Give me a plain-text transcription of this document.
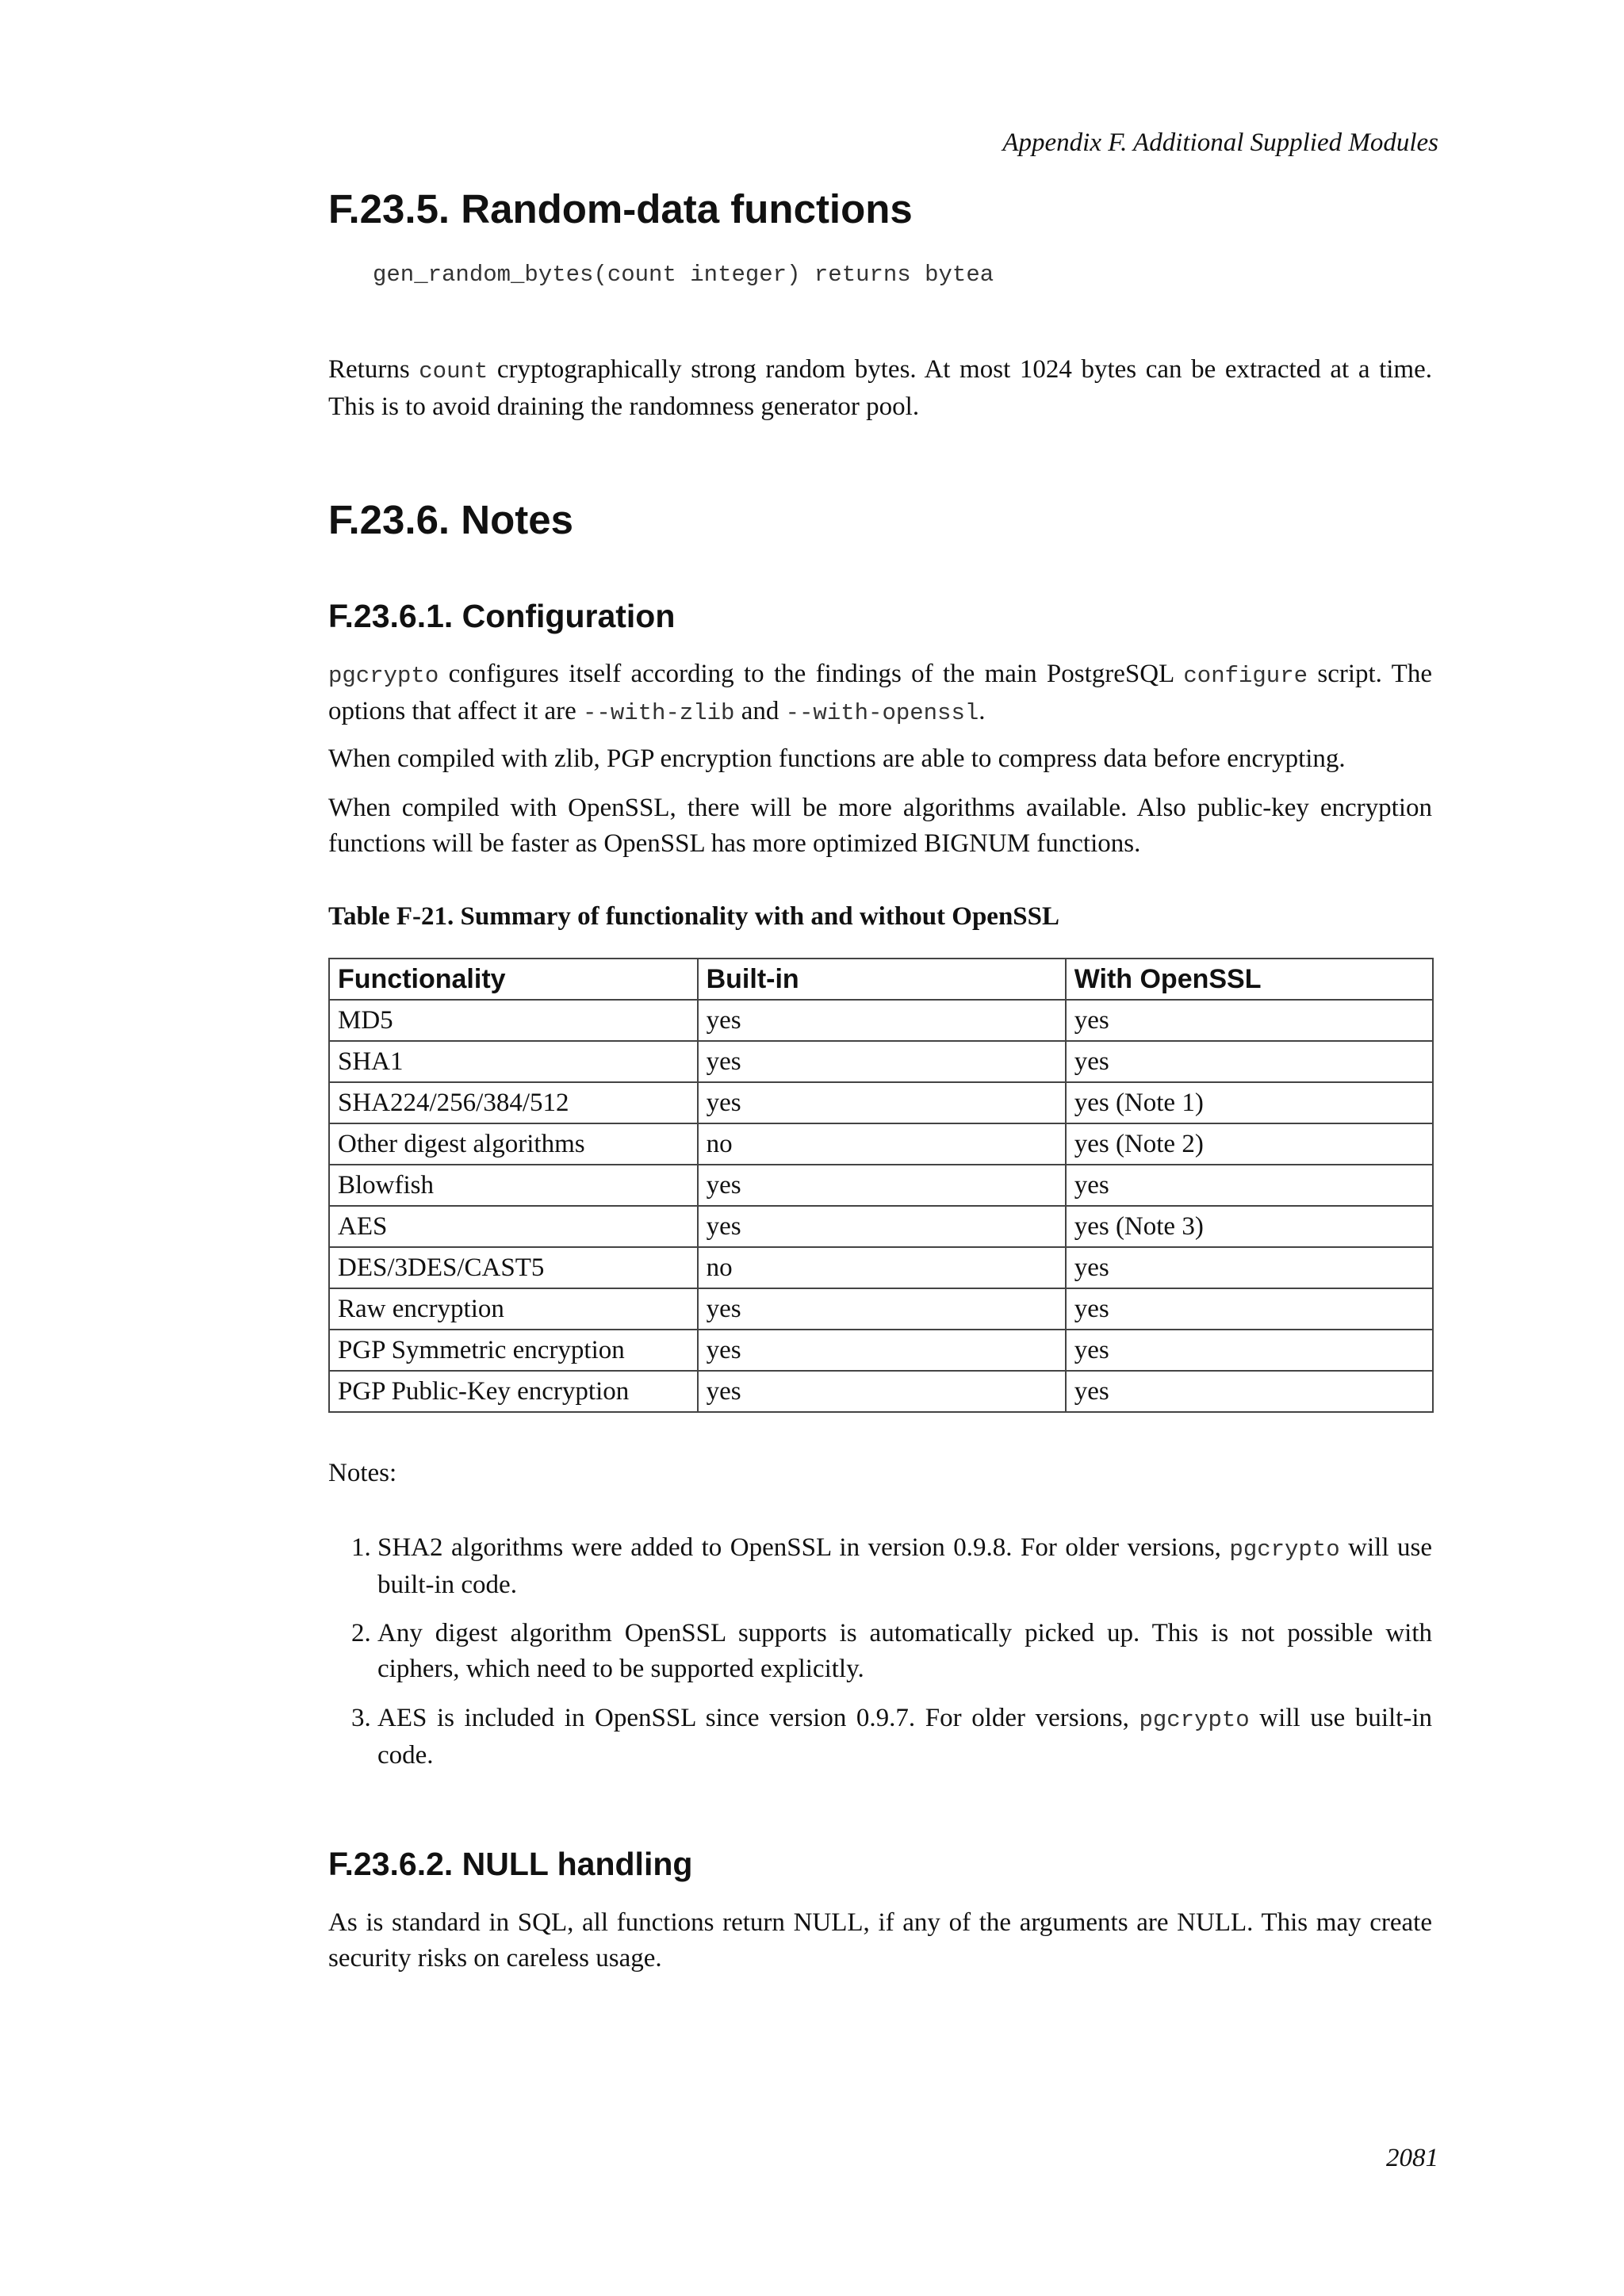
Appendix F. Additional Supplied Modules
F.23.5. Random-data functions
gen_random_bytes(count integer) returns bytea

Returns count cryptographically strong random bytes. At most 1024 bytes can be extracted at a time. This is to avoid draining the randomness generator pool.

F.23.6. Notes
F.23.6.1. Configuration

pgcrypto configures itself according to the findings of the main PostgreSQL configure script. The options that affect it are --with-zlib and --with-openssl.

When compiled with zlib, PGP encryption functions are able to compress data before encrypting.

When compiled with OpenSSL, there will be more algorithms available. Also public-key encryption functions will be faster as OpenSSL has more optimized BIGNUM functions.

Table F-21. Summary of functionality with and without OpenSSL
Functionality	Built-in	With OpenSSL
MD5	yes	yes
SHA1	yes	yes
SHA224/256/384/512	yes	yes (Note 1)
Other digest algorithms	no	yes (Note 2)
Blowfish	yes	yes
AES	yes	yes (Note 3)
DES/3DES/CAST5	no	yes
Raw encryption	yes	yes
PGP Symmetric encryption	yes	yes
PGP Public-Key encryption	yes	yes

Notes:

1. SHA2 algorithms were added to OpenSSL in version 0.9.8. For older versions, pgcrypto will use built-in code.
2. Any digest algorithm OpenSSL supports is automatically picked up. This is not possible with ciphers, which need to be supported explicitly.
3. AES is included in OpenSSL since version 0.9.7. For older versions, pgcrypto will use built-in code.
F.23.6.2. NULL handling

As is standard in SQL, all functions return NULL, if any of the arguments are NULL. This may create security risks on careless usage.

2081
